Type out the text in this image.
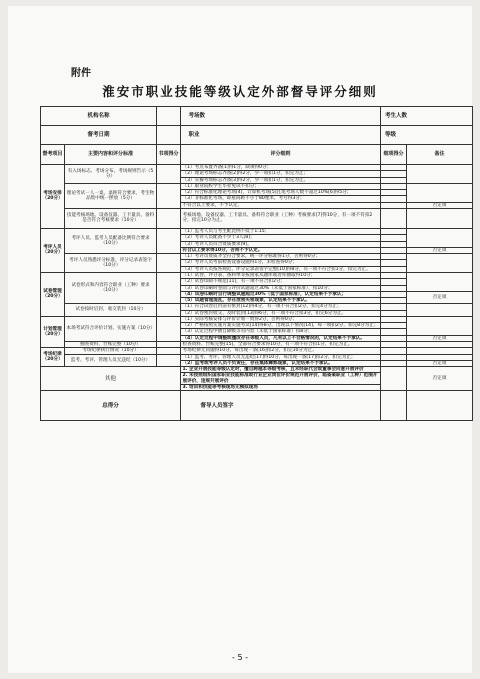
附件
淮安市职业技能等级认定外部督导评分细则
机构名称			考场数	考生人数	
督考日期			职业	等级	
督考项目	主要内容和评分标准	书项得分	评分细则	细项得分	备注
考场安排（20分）	有入场标志、考场分布、考场规则告示（5分）		（1）考点布置齐备[1]得1分，缺项得0分；		
			（2）理论考场标志齐备[2]得2分，少一项扣1分，扣完为止；		
			（3）实操考场标志齐备[3]得2分，少一项扣1分，扣完为止。		
	理论考试一人一桌，桌距符合要求，考生物品集中统一摆放（5分）		（1）职业院校学生毕业免试不扣分；		
			（2）符合标准化理论考场[4]，计算机考场[5]且尾考场人数不超过10%[6]得5分；		
			（3）非标准化考场，即座间距不小于80厘米，考号得3分；		
			不符合以上要求，不予认定。		否定项
	技能考核场地、设备仪器、工卡量具、备料是否符合考核要求（10分）		考核场地、设备仪器、工卡量具、备料符合职业（工种）考核要求[7]得10分，有一项不符扣2分，扣完10分为止。		

考评人员（20分）	考评人员、监考人员配备比例符合要求（10分）		（1）监考人员与考生配比例不低于1:15；		
			（2）考评人员配备不少于3人[8]；		
			（3）考评人员符合资质要求[9]。		
			符合以上要求得10分，否则不予认定。		否定项
	考评人员熟悉评分标准，评分记录表签字（10分）		（1）考评员资质齐全符合要求，统一评分标准得1分，否则得0分；		
			（2）考评人员考前检查设备设施得1分，未检查得0分；		
			（3）考评人员按各规范、评分记录表签字完整[10]得8分，有一项不符合扣1分，扣完为止。		
试卷管理（20分）	试卷形式和内容符合职业（工种）要求（10分）		（1）试卷、评分表、备料单等按国家从题库或者库抽取得10分；		
			（2）试卷印制不规范[11]，有一项不符合扣2分；		
			（3）试卷印刷时卷面与评价试题超过30%（未低于国家标准），扣10分；		
			（4）试卷印刷时自行调整试题超过30%（低于国家标准），认定结果不予承认；		否定项
			（5）试题管理混乱，存在泄密失密现象，认定结果不予承认。		
	试卷按时启封，收交装封（10分）		（1）符合试卷启封前有密封[12]得4分，有一项不符合扣2分，扣完4分为止；		
			（2）试卷密封收交、及时装封[13]得6分，有一项不符合扣3分，扣完6分为止。		
计划管理（20分）	本场考试符合评价计划、实施方案（10分）		（1）实际考核安排与评价计划一致得2分，否则得0分；		
			（2）严格按照实施方案实施考试[14]得8分，出现以下情况[14]，每一项扣2分，扣完8分为止；		
			（3）认定过程中擅自降级等有内容（未低于国家标准）扣8分；		
			（4）认定过程中调整或擅改存在等级人员，凡有以上不合格情况的，认定结果不予承认。		否定项
	抽查资料，台账完整（10分）		检查资料、台账完整[15]，全部符合要求得10分，有一项不符合扣1分，扣完为止。		
考场纪律（20分）	考场纪律执行情况（10分）		考场纪律无问题得10分，每出现一条[16]扣2分，扣完10分为止。		
	监考、考评、管理人员无违纪（10分）		（1）监考、考评、管理人员无违纪[17]得10分，每出现一条[17]扣2分，扣完为止；		
			（2）监考或考评人员不负责任，存在集体舞弊现象，认定结果不予承认。		否定项

其他			1. 企业开展技能等级认定时，擅自跨越本等级考核，且未经职代会或董事会同意开展评价		否定项
			2. 未按照组织国家职业技能标准或行业企业岗位评价规范开展评价，超备案职业（工种）范围开展评价、违规开展评价		
			3. 培训和技能等考核现场无模拟现场		
总得分			督导人员签字		
- 5 -
